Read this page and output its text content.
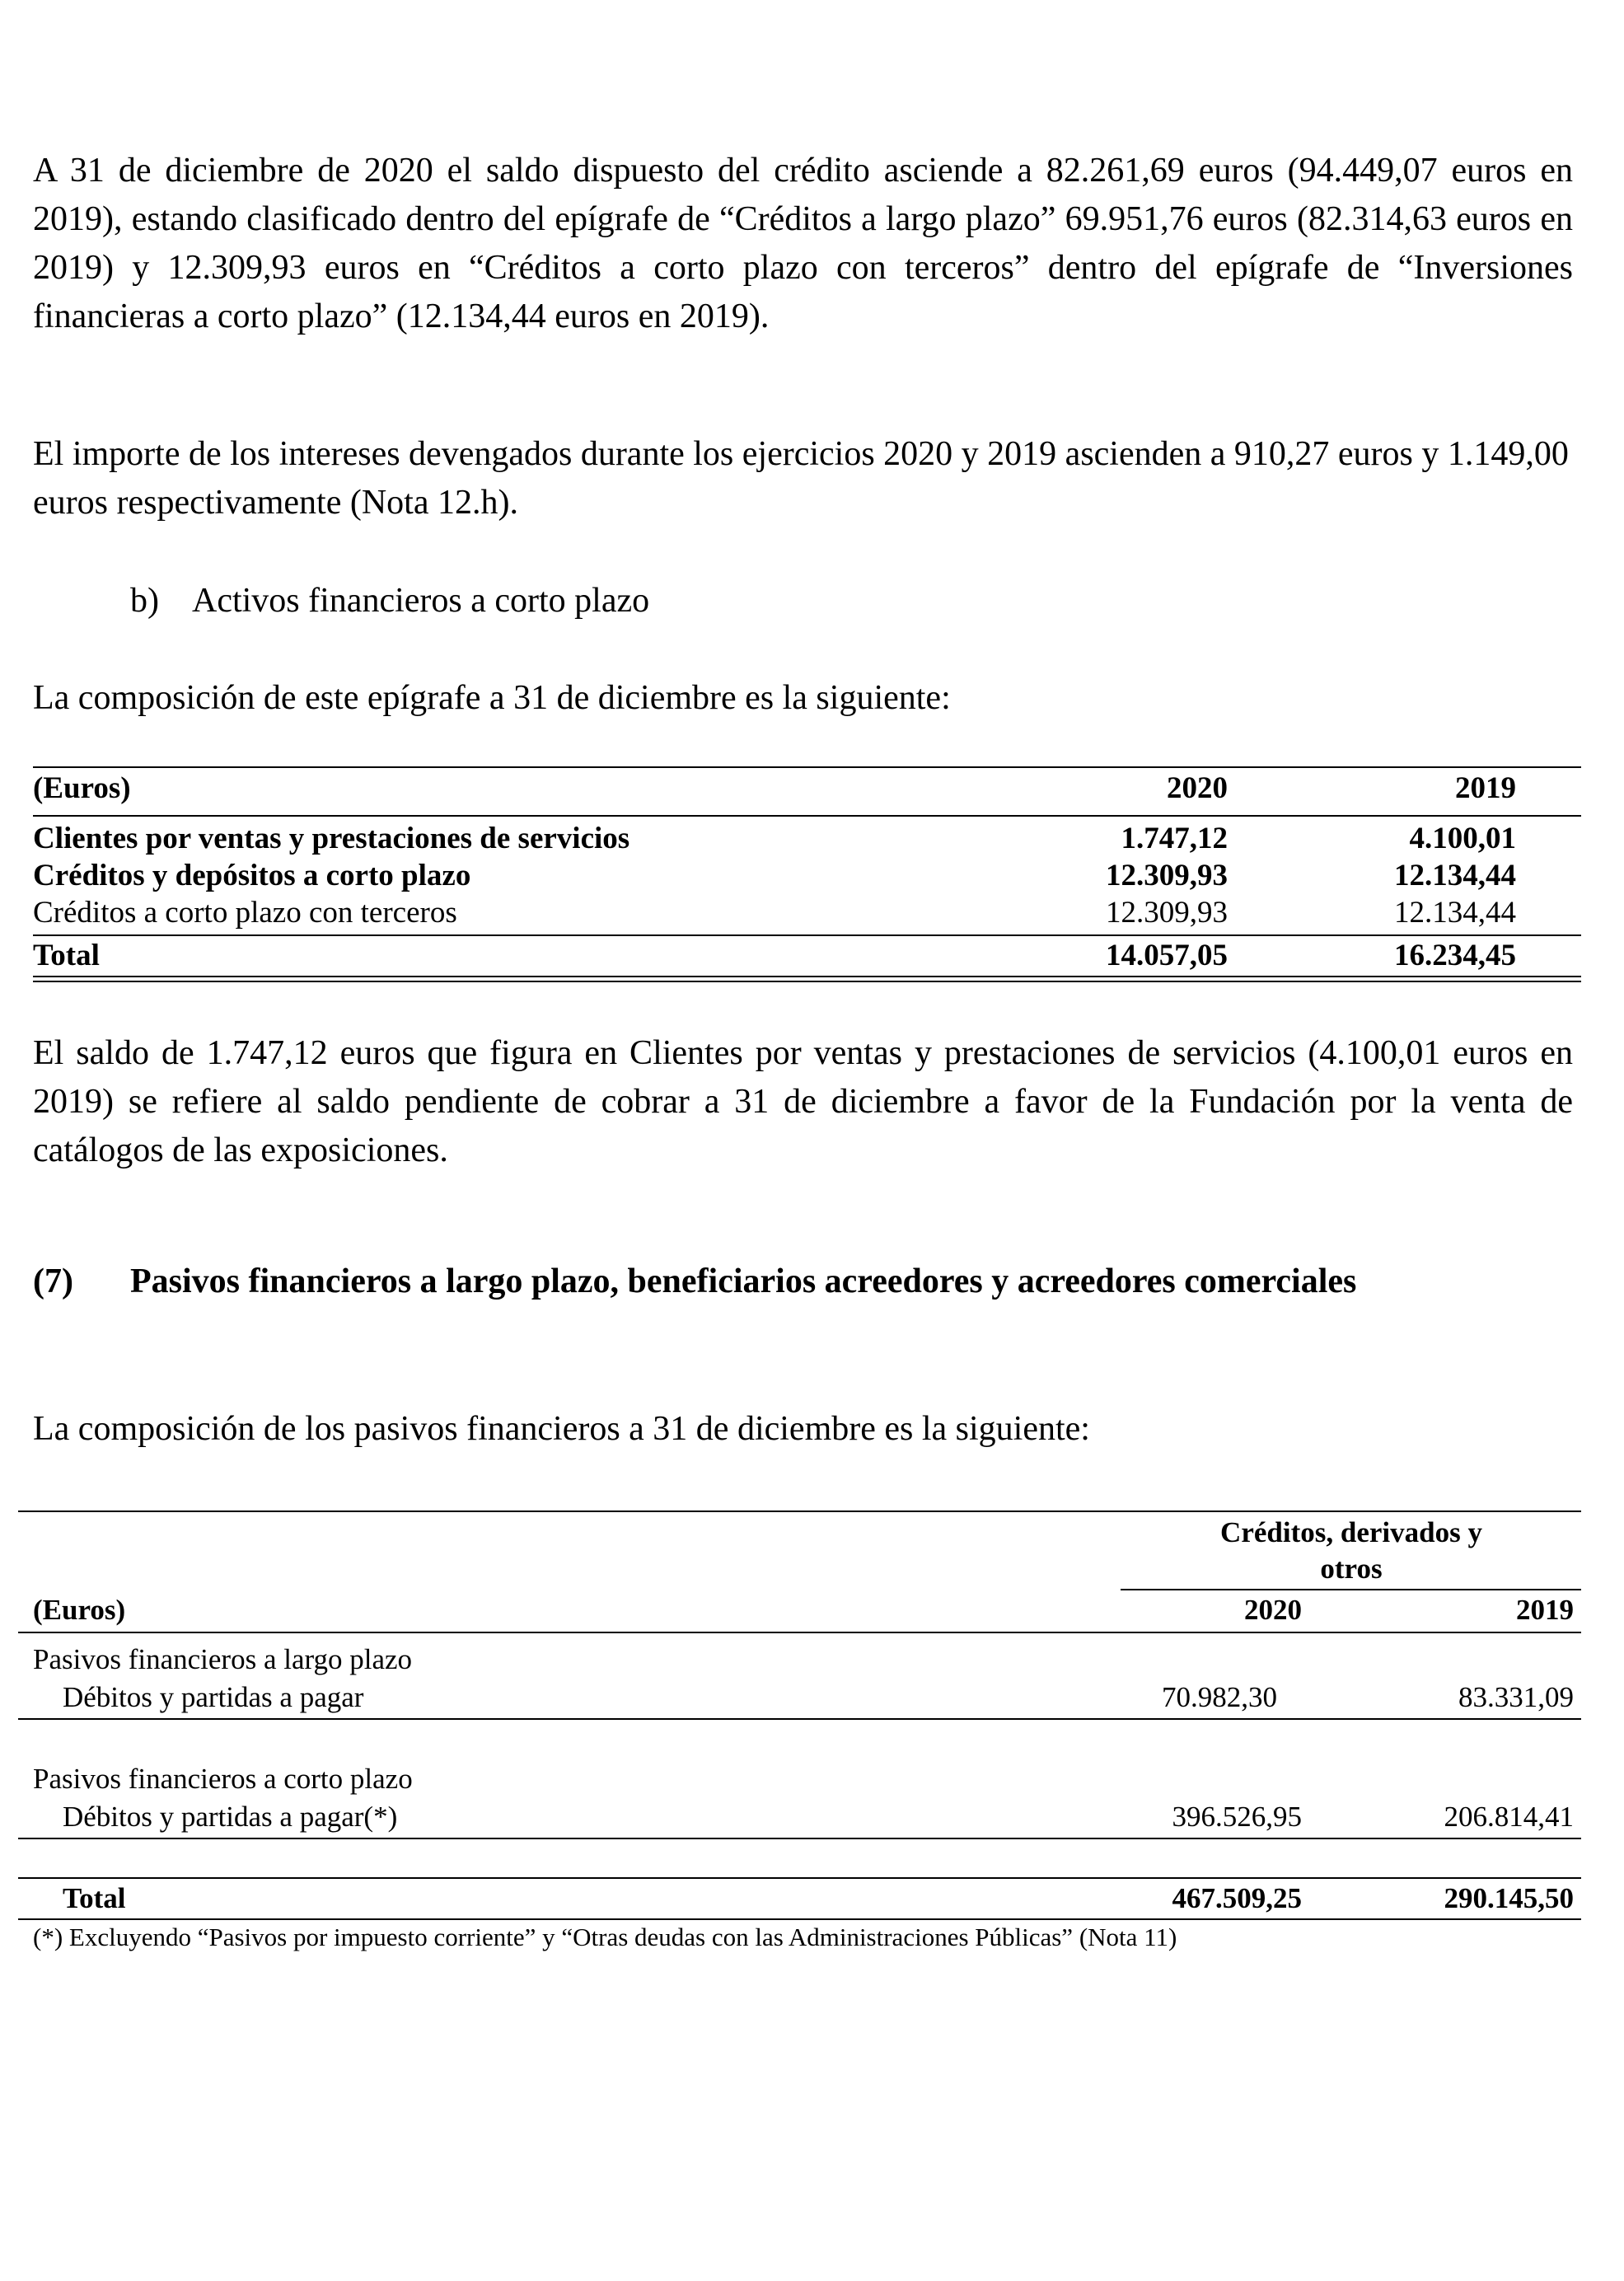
A 31 de diciembre de 2020 el saldo dispuesto del crédito asciende a 82.261,69 euros (94.449,07 euros en 2019), estando clasificado dentro del epígrafe de “Créditos a largo plazo” 69.951,76 euros (82.314,63 euros en 2019) y 12.309,93 euros en “Créditos a corto plazo con terceros” dentro del epígrafe de “Inversiones financieras a corto plazo” (12.134,44 euros en 2019).

El importe de los intereses devengados durante los ejercicios 2020 y 2019 ascienden a 910,27 euros y 1.149,00 euros respectivamente (Nota 12.h).

b) Activos financieros a corto plazo

La composición de este epígrafe a 31 de diciembre es la siguiente:

(Euros)	2020	2019
Clientes por ventas y prestaciones de servicios	1.747,12	4.100,01
Créditos y depósitos a corto plazo	12.309,93	12.134,44
Créditos a corto plazo con terceros	12.309,93	12.134,44
Total	14.057,05	16.234,45

El saldo de 1.747,12 euros que figura en Clientes por ventas y prestaciones de servicios (4.100,01 euros en 2019) se refiere al saldo pendiente de cobrar a 31 de diciembre a favor de la Fundación por la venta de catálogos de las exposiciones.

(7) Pasivos financieros a largo plazo, beneficiarios acreedores y acreedores comerciales

La composición de los pasivos financieros a 31 de diciembre es la siguiente:

Créditos, derivados y
otros
(Euros)	2020	2019
Pasivos financieros a largo plazo
Débitos y partidas a pagar	70.982,30	83.331,09
Pasivos financieros a corto plazo
Débitos y partidas a pagar(*)	396.526,95	206.814,41
Total	467.509,25	290.145,50
(*) Excluyendo “Pasivos por impuesto corriente” y “Otras deudas con las Administraciones Públicas” (Nota 11)
